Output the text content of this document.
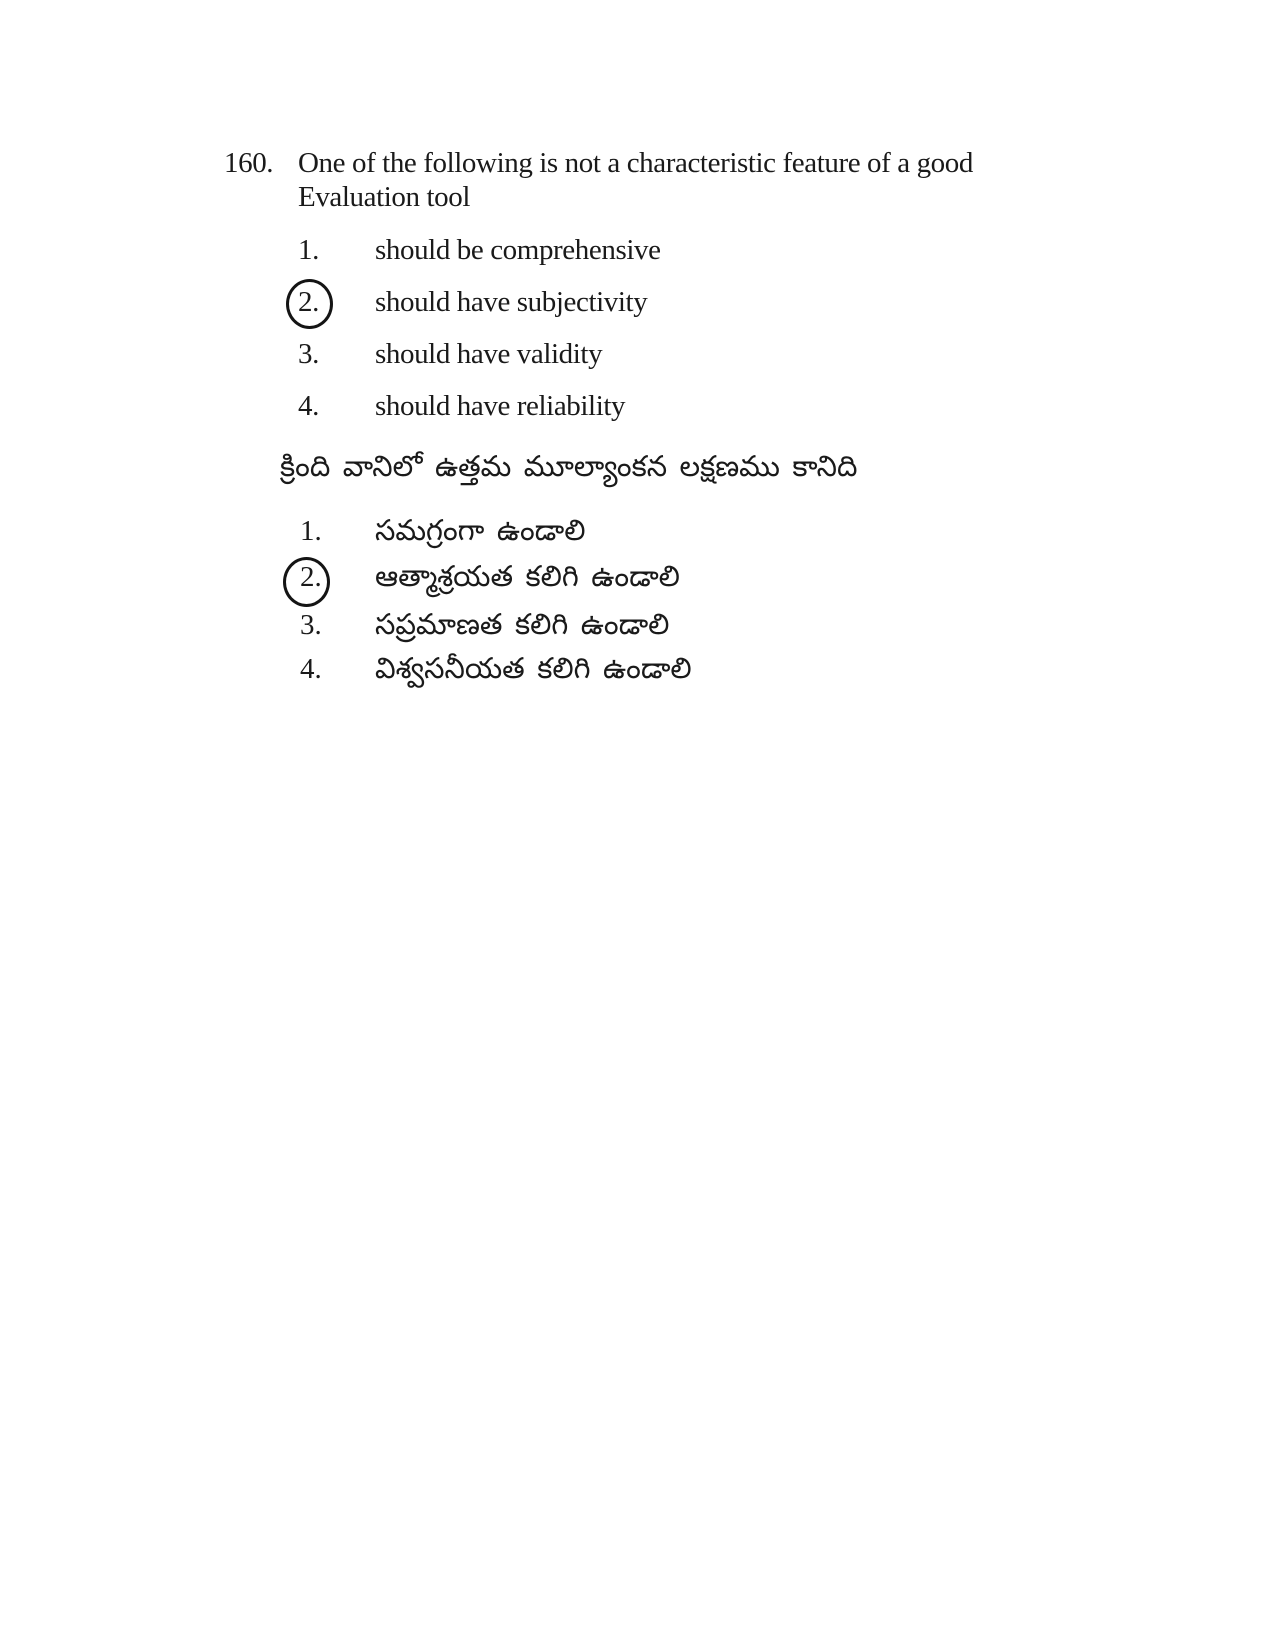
160. One of the following is not a characteristic feature of a good
Evaluation tool
1. should be comprehensive
2. should have subjectivity
3. should have validity
4. should have reliability
క్రింది వానిలో ఉత్తమ మూల్యాంకన లక్షణము కానిది
1. సమగ్రంగా ఉండాలి
2. ఆత్మాశ్రయత కలిగి ఉండాలి
3. సప్రమాణత కలిగి ఉండాలి
4. విశ్వసనీయత కలిగి ఉండాలి
